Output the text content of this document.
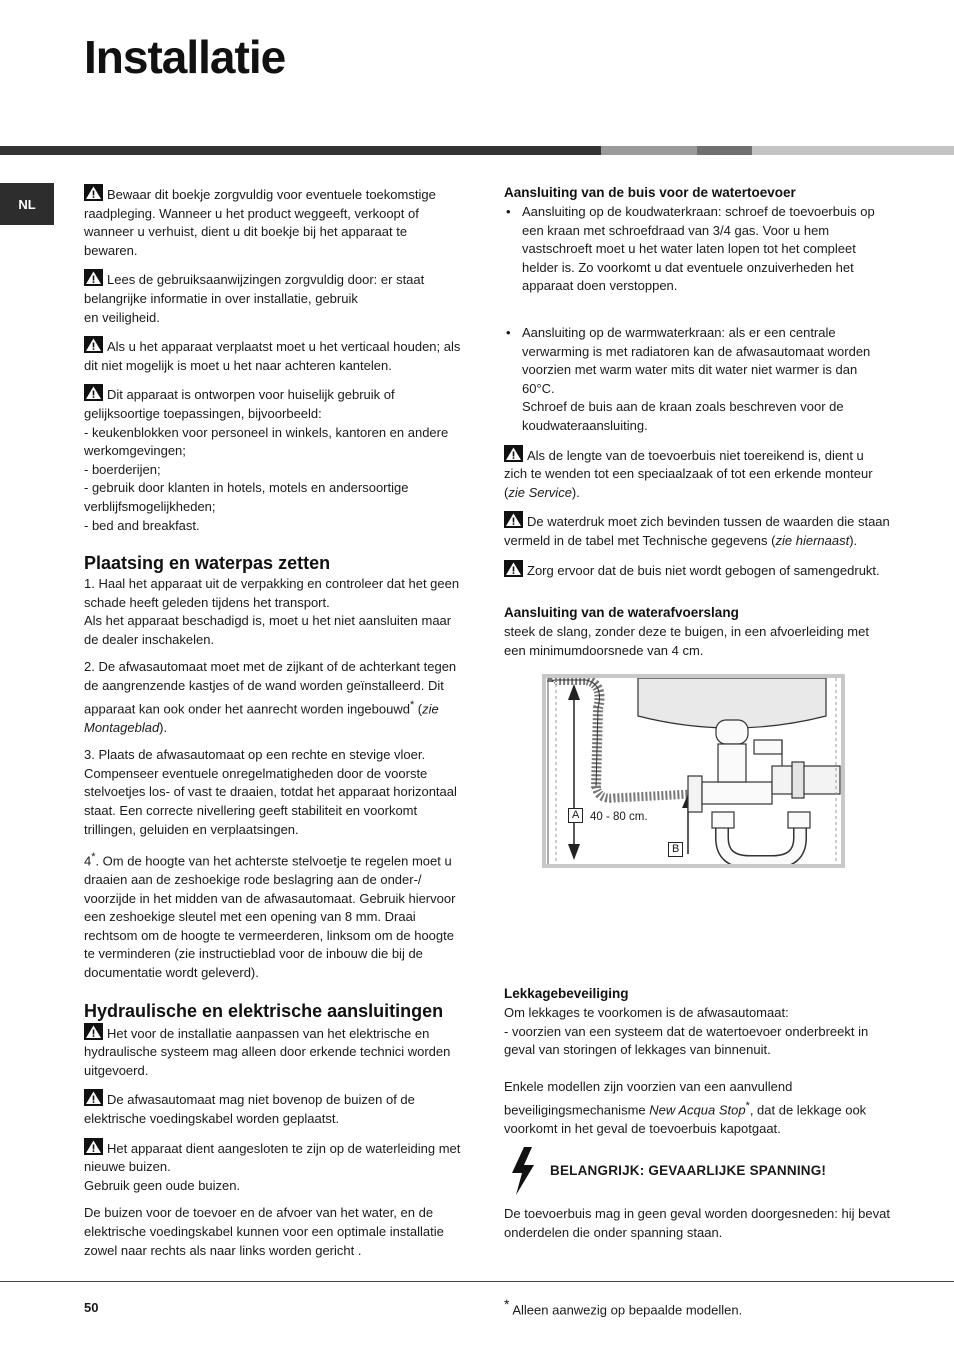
Installatie
NL

Bewaar dit boekje zorgvuldig voor eventuele toekomstige raadpleging. Wanneer u het product weggeeft, verkoopt of wanneer u verhuist, dient u dit boekje bij het apparaat te bewaren.

Lees de gebruiksaanwijzingen zorgvuldig door: er staat belangrijke informatie in over installatie, gebruik
en veiligheid.

Als u het apparaat verplaatst moet u het verticaal houden; als dit niet mogelijk is moet u het naar achteren kantelen.

Dit apparaat is ontworpen voor huiselijk gebruik of gelijksoortige toepassingen, bijvoorbeeld:
- keukenblokken voor personeel in winkels, kantoren en andere werkomgevingen;
- boerderijen;
- gebruik door klanten in hotels, motels en andersoortige verblijfsmogelijkheden;
- bed and breakfast.

Plaatsing en waterpas zetten

1. Haal het apparaat uit de verpakking en controleer dat het geen schade heeft geleden tijdens het transport.
Als het apparaat beschadigd is, moet u het niet aansluiten maar de dealer inschakelen.

2. De afwasautomaat moet met de zijkant of de achterkant tegen de aangrenzende kastjes of de wand worden geïnstalleerd. Dit apparaat kan ook onder het aanrecht worden ingebouwd* (zie Montageblad).

3. Plaats de afwasautomaat op een rechte en stevige vloer. Compenseer eventuele onregelmatigheden door de voorste stelvoetjes los- of vast te draaien, totdat het apparaat horizontaal staat. Een correcte nivellering geeft stabiliteit en voorkomt trillingen, geluiden en verplaatsingen.

4*. Om de hoogte van het achterste stelvoetje te regelen moet u draaien aan de zeshoekige rode beslagring aan de onder-/ voorzijde in het midden van de afwasautomaat. Gebruik hiervoor een zeshoekige sleutel met een opening van 8 mm. Draai rechtsom om de hoogte te vermeerderen, linksom om de hoogte te verminderen (zie instructieblad voor de inbouw die bij de documentatie wordt geleverd).

Hydraulische en elektrische aansluitingen

Het voor de installatie aanpassen van het elektrische en hydraulische systeem mag alleen door erkende technici worden uitgevoerd.

De afwasautomaat mag niet bovenop de buizen of de elektrische voedingskabel worden geplaatst.

Het apparaat dient aangesloten te zijn op de waterleiding met nieuwe buizen.
Gebruik geen oude buizen.

De buizen voor de toevoer en de afvoer van het water, en de elektrische voedingskabel kunnen voor een optimale installatie zowel naar rechts als naar links worden gericht .

Aansluiting van de buis voor de watertoevoer
• Aansluiting op de koudwaterkraan: schroef de toevoerbuis op een kraan met schroefdraad van 3/4 gas. Voor u hem vastschroeft moet u het water laten lopen tot het compleet helder is. Zo voorkomt u dat eventuele onzuiverheden het apparaat doen verstoppen.
• Aansluiting op de warmwaterkraan: als er een centrale verwarming is met radiatoren kan de afwasautomaat worden voorzien met warm water mits dit water niet warmer is dan 60°C.
Schroef de buis aan de kraan zoals beschreven voor de koudwateraansluiting.

Als de lengte van de toevoerbuis niet toereikend is, dient u zich te wenden tot een speciaalzaak of tot een erkende monteur (zie Service).

De waterdruk moet zich bevinden tussen de waarden die staan vermeld in de tabel met Technische gegevens (zie hiernaast).

Zorg ervoor dat de buis niet wordt gebogen of samengedrukt.

Aansluiting van de waterafvoerslang

steek de slang, zonder deze te buigen, in een afvoerleiding met een minimumdoorsnede van 4 cm.

A 40 - 80 cm.
B
Lekkagebeveiliging

Om lekkages te voorkomen is de afwasautomaat:
- voorzien van een systeem dat de watertoevoer onderbreekt in geval van storingen of lekkages van binnenuit.

Enkele modellen zijn voorzien van een aanvullend beveiligingsmechanisme New Acqua Stop*, dat de lekkage ook voorkomt in het geval de toevoerbuis kapotgaat.

BELANGRIJK: GEVAARLIJKE SPANNING!

De toevoerbuis mag in geen geval worden doorgesneden: hij bevat onderdelen die onder spanning staan.

50	* Alleen aanwezig op bepaalde modellen.
